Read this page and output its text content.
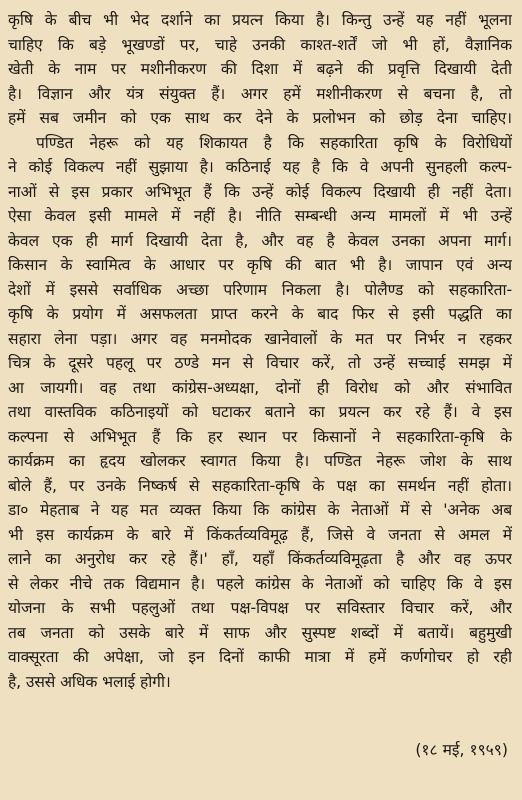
कृषि के बीच भी भेद दर्शाने का प्रयत्न किया है। किन्तु उन्हें यह नहीं भूलना
चाहिए कि बड़े भूखण्डों पर, चाहे उनकी काश्त-शर्तें जो भी हों, वैज्ञानिक
खेती के नाम पर मशीनीकरण की दिशा में बढ़ने की प्रवृत्ति दिखायी देती
है। विज्ञान और यंत्र संयुक्त हैं। अगर हमें मशीनीकरण से बचना है, तो
हमें सब जमीन को एक साथ कर देने के प्रलोभन को छोड़ देना चाहिए।
पण्डित नेहरू को यह शिकायत है कि सहकारिता कृषि के विरोधियों
ने कोई विकल्प नहीं सुझाया है। कठिनाई यह है कि वे अपनी सुनहली कल्प-
नाओं से इस प्रकार अभिभूत हैं कि उन्हें कोई विकल्प दिखायी ही नहीं देता।
ऐसा केवल इसी मामले में नहीं है। नीति सम्बन्धी अन्य मामलों में भी उन्हें
केवल एक ही मार्ग दिखायी देता है, और वह है केवल उनका अपना मार्ग।
किसान के स्वामित्व के आधार पर कृषि की बात भी है। जापान एवं अन्य
देशों में इससे सर्वाधिक अच्छा परिणाम निकला है। पोलैण्ड को सहकारिता-
कृषि के प्रयोग में असफलता प्राप्त करने के बाद फिर से इसी पद्धति का
सहारा लेना पड़ा। अगर वह मनमोदक खानेवालों के मत पर निर्भर न रहकर
चित्र के दूसरे पहलू पर ठण्डे मन से विचार करें, तो उन्हें सच्चाई समझ में
आ जायगी। वह तथा कांग्रेस-अध्यक्षा, दोनों ही विरोध को और संभावित
तथा वास्तविक कठिनाइयों को घटाकर बताने का प्रयत्न कर रहे हैं। वे इस
कल्पना से अभिभूत हैं कि हर स्थान पर किसानों ने सहकारिता-कृषि के
कार्यक्रम का हृदय खोलकर स्वागत किया है। पण्डित नेहरू जोश के साथ
बोले हैं, पर उनके निष्कर्ष से सहकारिता-कृषि के पक्ष का समर्थन नहीं होता।
डा० मेहताब ने यह मत व्यक्त किया कि कांग्रेस के नेताओं में से 'अनेक अब
भी इस कार्यक्रम के बारे में किंकर्तव्यविमूढ़ हैं, जिसे वे जनता से अमल में
लाने का अनुरोध कर रहे हैं।' हाँ, यहाँ किंकर्तव्यविमूढ़ता है और वह ऊपर
से लेकर नीचे तक विद्यमान है। पहले कांग्रेस के नेताओं को चाहिए कि वे इस
योजना के सभी पहलुओं तथा पक्ष-विपक्ष पर सविस्तार विचार करें, और
तब जनता को उसके बारे में साफ और सुस्पष्ट शब्दों में बतायें। बहुमुखी
वाक्सूरता की अपेक्षा, जो इन दिनों काफी मात्रा में हमें कर्णगोचर हो रही
है, उससे अधिक भलाई होगी।
(१८ मई, १९५९)
